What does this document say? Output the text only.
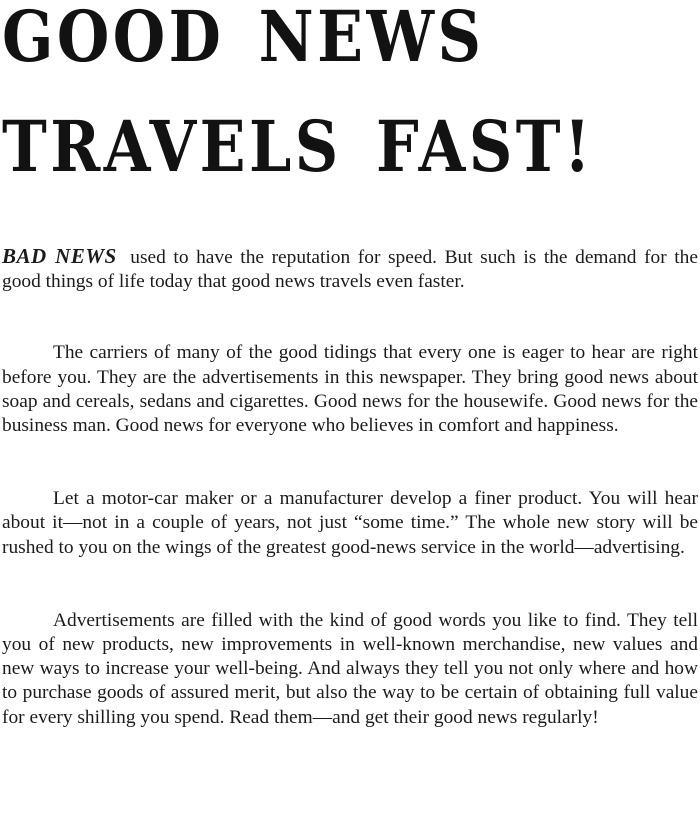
GOOD NEWS
TRAVELS FAST!

BAD NEWS used to have the reputation for speed. But such is the demand for the good things of life today that good news travels even faster.

The carriers of many of the good tidings that every one is eager to hear are right before you. They are the advertisements in this newspaper. They bring good news about soap and cereals, sedans and cigarettes. Good news for the housewife. Good news for the business man. Good news for everyone who believes in comfort and happiness.

Let a motor-car maker or a manufacturer develop a finer product. You will hear about it—not in a couple of years, not just “some time.” The whole new story will be rushed to you on the wings of the greatest good-news service in the world—advertising.

Advertisements are filled with the kind of good words you like to find. They tell you of new products, new improvements in well-known merchandise, new values and new ways to increase your well-being. And always they tell you not only where and how to purchase goods of assured merit, but also the way to be certain of obtaining full value for every shilling you spend. Read them—and get their good news regularly!
